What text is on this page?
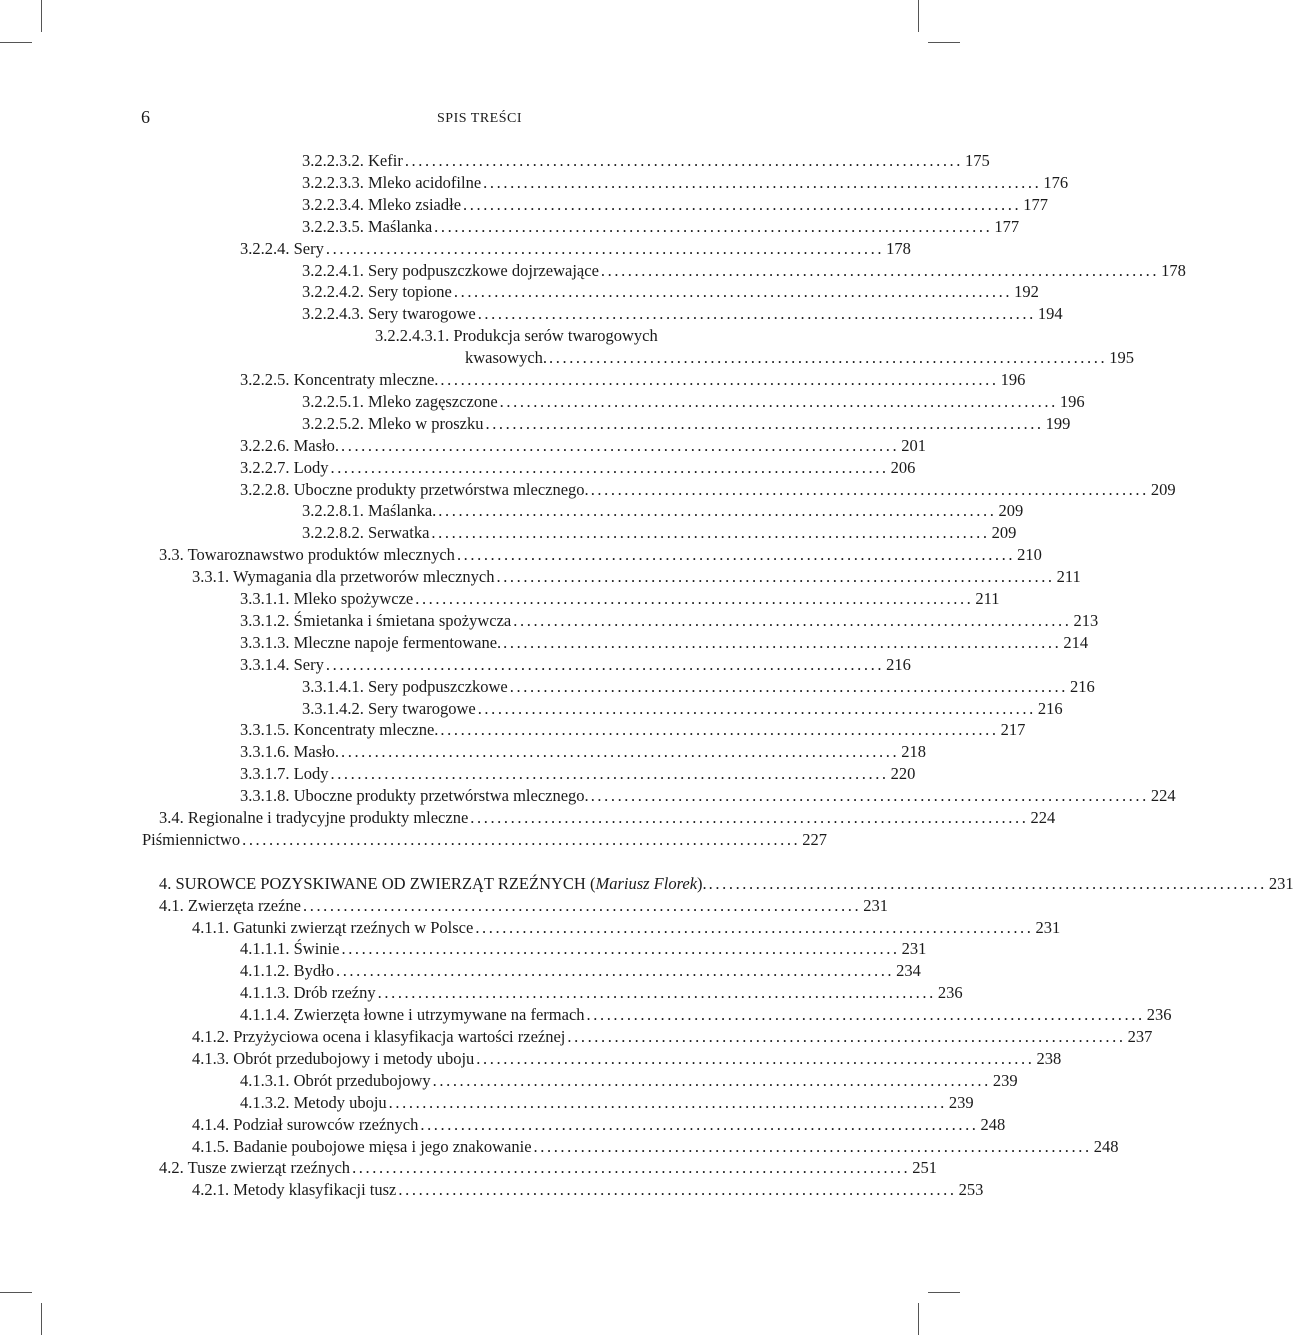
6	SPIS TREŚCI
3.2.2.3.2. Kefir ................................................................................... 175
3.2.2.3.3. Mleko acidofilne ................................................................................... 176
3.2.2.3.4. Mleko zsiadłe ................................................................................... 177
3.2.2.3.5. Maślanka ................................................................................... 177
3.2.2.4. Sery ................................................................................... 178
3.2.2.4.1. Sery podpuszczkowe dojrzewające ................................................................................... 178
3.2.2.4.2. Sery topione ................................................................................... 192
3.2.2.4.3. Sery twarogowe ................................................................................... 194
3.2.2.4.3.1. Produkcja serów twarogowych
kwasowych. ................................................................................... 195
3.2.2.5. Koncentraty mleczne. ................................................................................... 196
3.2.2.5.1. Mleko zagęszczone ................................................................................... 196
3.2.2.5.2. Mleko w proszku ................................................................................... 199
3.2.2.6. Masło. ................................................................................... 201
3.2.2.7. Lody ................................................................................... 206
3.2.2.8. Uboczne produkty przetwórstwa mlecznego. ................................................................................... 209
3.2.2.8.1. Maślanka. ................................................................................... 209
3.2.2.8.2. Serwatka ................................................................................... 209
3.3. Towaroznawstwo produktów mlecznych ................................................................................... 210
3.3.1. Wymagania dla przetworów mlecznych ................................................................................... 211
3.3.1.1. Mleko spożywcze ................................................................................... 211
3.3.1.2. Śmietanka i śmietana spożywcza ................................................................................... 213
3.3.1.3. Mleczne napoje fermentowane. ................................................................................... 214
3.3.1.4. Sery ................................................................................... 216
3.3.1.4.1. Sery podpuszczkowe ................................................................................... 216
3.3.1.4.2. Sery twarogowe ................................................................................... 216
3.3.1.5. Koncentraty mleczne. ................................................................................... 217
3.3.1.6. Masło. ................................................................................... 218
3.3.1.7. Lody ................................................................................... 220
3.3.1.8. Uboczne produkty przetwórstwa mlecznego. ................................................................................... 224
3.4. Regionalne i tradycyjne produkty mleczne ................................................................................... 224
Piśmiennictwo ................................................................................... 227
4. SUROWCE POZYSKIWANE OD ZWIERZĄT RZEŹNYCH (Mariusz Florek). ................................................................................... 231
4.1. Zwierzęta rzeźne ................................................................................... 231
4.1.1. Gatunki zwierząt rzeźnych w Polsce ................................................................................... 231
4.1.1.1. Świnie ................................................................................... 231
4.1.1.2. Bydło ................................................................................... 234
4.1.1.3. Drób rzeźny ................................................................................... 236
4.1.1.4. Zwierzęta łowne i utrzymywane na fermach ................................................................................... 236
4.1.2. Przyżyciowa ocena i klasyfikacja wartości rzeźnej ................................................................................... 237
4.1.3. Obrót przedubojowy i metody uboju ................................................................................... 238
4.1.3.1. Obrót przedubojowy ................................................................................... 239
4.1.3.2. Metody uboju ................................................................................... 239
4.1.4. Podział surowców rzeźnych ................................................................................... 248
4.1.5. Badanie poubojowe mięsa i jego znakowanie ................................................................................... 248
4.2. Tusze zwierząt rzeźnych ................................................................................... 251
4.2.1. Metody klasyfikacji tusz ................................................................................... 253
